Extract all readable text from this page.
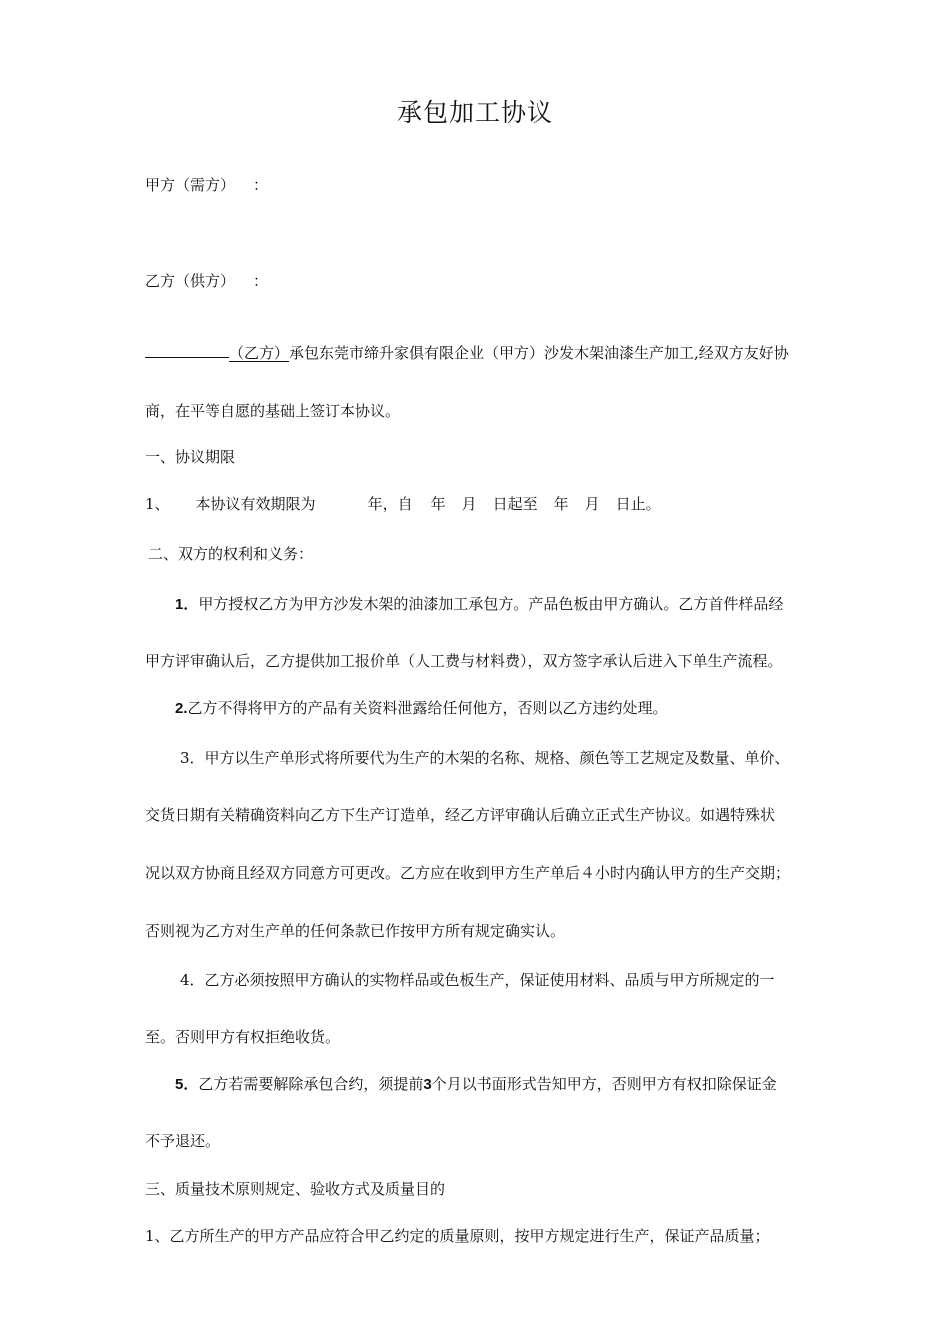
承包加工协议
甲方（需方） ：
乙方（供方） ：
（乙方）承包东莞市缔升家俱有限企业（甲方）沙发木架油漆生产加工,经双方友好协
商，在平等自愿的基础上签订本协议。
一、协议期限
1、 本协议有效期限为	年，自 年 月 日起至 年 月 日止。
二、双方的权利和义务：
1．甲方授权乙方为甲方沙发木架的油漆加工承包方。产品色板由甲方确认。乙方首件样品经
甲方评审确认后，乙方提供加工报价单（人工费与材料费），双方签字承认后进入下单生产流程。
2.乙方不得将甲方的产品有关资料泄露给任何他方，否则以乙方违约处理。
3．甲方以生产单形式将所要代为生产的木架的名称、规格、颜色等工艺规定及数量、单价、
交货日期有关精确资料向乙方下生产订造单，经乙方评审确认后确立正式生产协议。如遇特殊状
况以双方协商且经双方同意方可更改。乙方应在收到甲方生产单后４小时内确认甲方的生产交期；
否则视为乙方对生产单的任何条款已作按甲方所有规定确实认。
4．乙方必须按照甲方确认的实物样品或色板生产，保证使用材料、品质与甲方所规定的一
至。否则甲方有权拒绝收货。
5．乙方若需要解除承包合约，须提前3个月以书面形式告知甲方，否则甲方有权扣除保证金
不予退还。
三、质量技术原则规定、验收方式及质量目的
1、乙方所生产的甲方产品应符合甲乙约定的质量原则，按甲方规定进行生产，保证产品质量；
